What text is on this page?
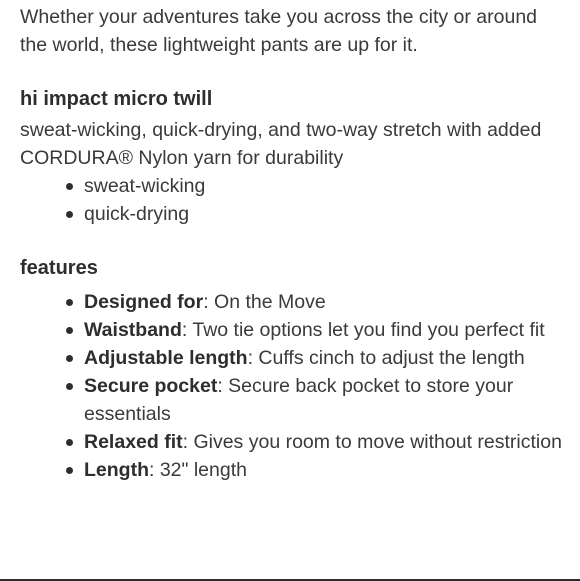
Whether your adventures take you across the city or around the world, these lightweight pants are up for it.

hi impact micro twill

sweat-wicking, quick-drying, and two-way stretch with added CORDURA® Nylon yarn for durability

sweat-wicking
quick-drying
features
Designed for: On the Move
Waistband: Two tie options let you find you perfect fit
Adjustable length: Cuffs cinch to adjust the length
Secure pocket: Secure back pocket to store your essentials
Relaxed fit: Gives you room to move without restriction
Length: 32" length
